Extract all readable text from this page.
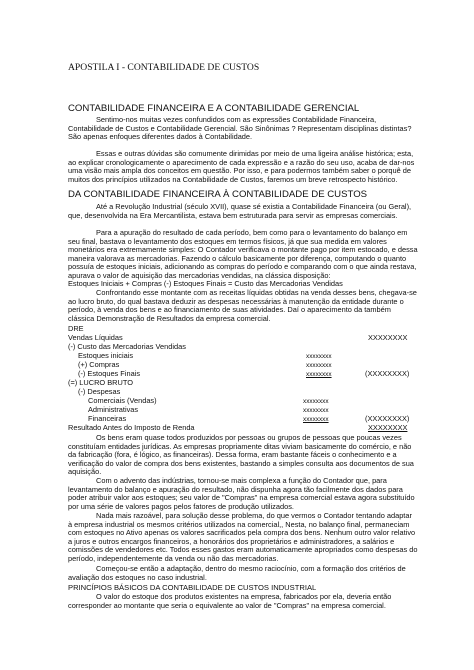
APOSTILA I - CONTABILIDADE DE CUSTOS
CONTABILIDADE FINANCEIRA E A CONTABILIDADE GERENCIAL
Sentimo-nos muitas vezes confundidos com as expressões Contabilidade Financeira, Contabilidade de Custos e Contabilidade Gerencial. São Sinônimas ? Representam disciplinas distintas? São apenas enfoques diferentes dados à Contabilidade.
Essas e outras dúvidas são comumente dirimidas por meio de uma ligeira análise histórica; esta, ao explicar cronologicamente o aparecimento de cada expressão e a razão do seu uso, acaba de dar-nos uma visão mais ampla dos conceitos em questão. Por isso, e para podermos também saber o porquê de muitos dos princípios utilizados na Contabilidade de Custos, faremos um breve retrospecto histórico.
DA CONTABILIDADE FINANCEIRA À CONTABILIDADE DE CUSTOS
Até a Revolução Industrial (século XVII), quase sé existia a Contabilidade Financeira (ou Geral), que, desenvolvida na Era Mercantilista, estava bem estruturada para servir as empresas comerciais.
Para a apuração do resultado de cada período, bem como para o levantamento do balanço em seu final, bastava o levantamento dos estoques em termos físicos, já que sua medida em valores monetários era extremamente simples: O Contador verificava o montante pago por item estocado, e dessa maneira valorava as mercadorias. Fazendo o cálculo basicamente por diferença, computando o quanto possuía de estoques iniciais, adicionando as compras do período e comparando com o que ainda restava, apurava o valor de aquisição das mercadorias vendidas, na clássica disposição:
Estoques Iniciais + Compras (-) Estoques Finais = Custo das Mercadorias Vendidas
Confrontando esse montante com as receitas líquidas obtidas na venda desses bens, chegava-se ao lucro bruto, do qual bastava deduzir as despesas necessárias à manutenção da entidade durante o período, à venda dos bens e ao financiamento de suas atividades. Daí o aparecimento da também clássica Demonstração de Resultados da empresa comercial.
DRE
Vendas Líquidas	XXXXXXXX
(-) Custo das Mercadorias Vendidas
Estoques iniciais	xxxxxxxx
(+) Compras	xxxxxxxx
(-) Estoques Finais	xxxxxxxx	(XXXXXXXX)
(=) LUCRO BRUTO
(-) Despesas
Comerciais (Vendas)	xxxxxxxx
Administrativas	xxxxxxxx
Financeiras	xxxxxxxx	(XXXXXXXX)
Resultado Antes do Imposto de Renda	XXXXXXXX
Os bens eram quase todos produzidos por pessoas ou grupos de pessoas que poucas vezes constituíam entidades jurídicas. As empresas propriamente ditas viviam basicamente do comércio, e não da fabricação (fora, é lógico, as financeiras). Dessa forma, eram bastante fáceis o conhecimento e a verificação do valor de compra dos bens existentes, bastando a simples consulta aos documentos de sua aquisição.
Com o advento das indústrias, tornou-se mais complexa a função do Contador que, para levantamento do balanço e apuração do resultado, não dispunha agora tão facilmente dos dados para poder atribuir valor aos estoques; seu valor de "Compras" na empresa comercial estava agora substituído por uma série de valores pagos pelos fatores de produção utilizados.
Nada mais razoável, para solução desse problema, do que vermos o Contador tentando adaptar à empresa industrial os mesmos critérios utilizados na comercial,, Nesta, no balanço final, permaneciam com estoques no Ativo apenas os valores sacrificados pela compra dos bens. Nenhum outro valor relativo a juros e outros encargos financeiros, a honorários dos proprietários e administradores, a salários e comissões de vendedores etc. Todos esses gastos eram automaticamente apropriados como despesas do período, independentemente da venda ou não das mercadorias.
Começou-se então a adaptação, dentro do mesmo raciocínio, com a formação dos critérios de avaliação dos estoques no caso industrial.
PRINCÍPIOS BÁSICOS DA CONTABILIDADE DE CUSTOS INDUSTRIAL
O valor do estoque dos produtos existentes na empresa, fabricados por ela, deveria então corresponder ao montante que seria o equivalente ao valor de "Compras" na empresa comercial.
